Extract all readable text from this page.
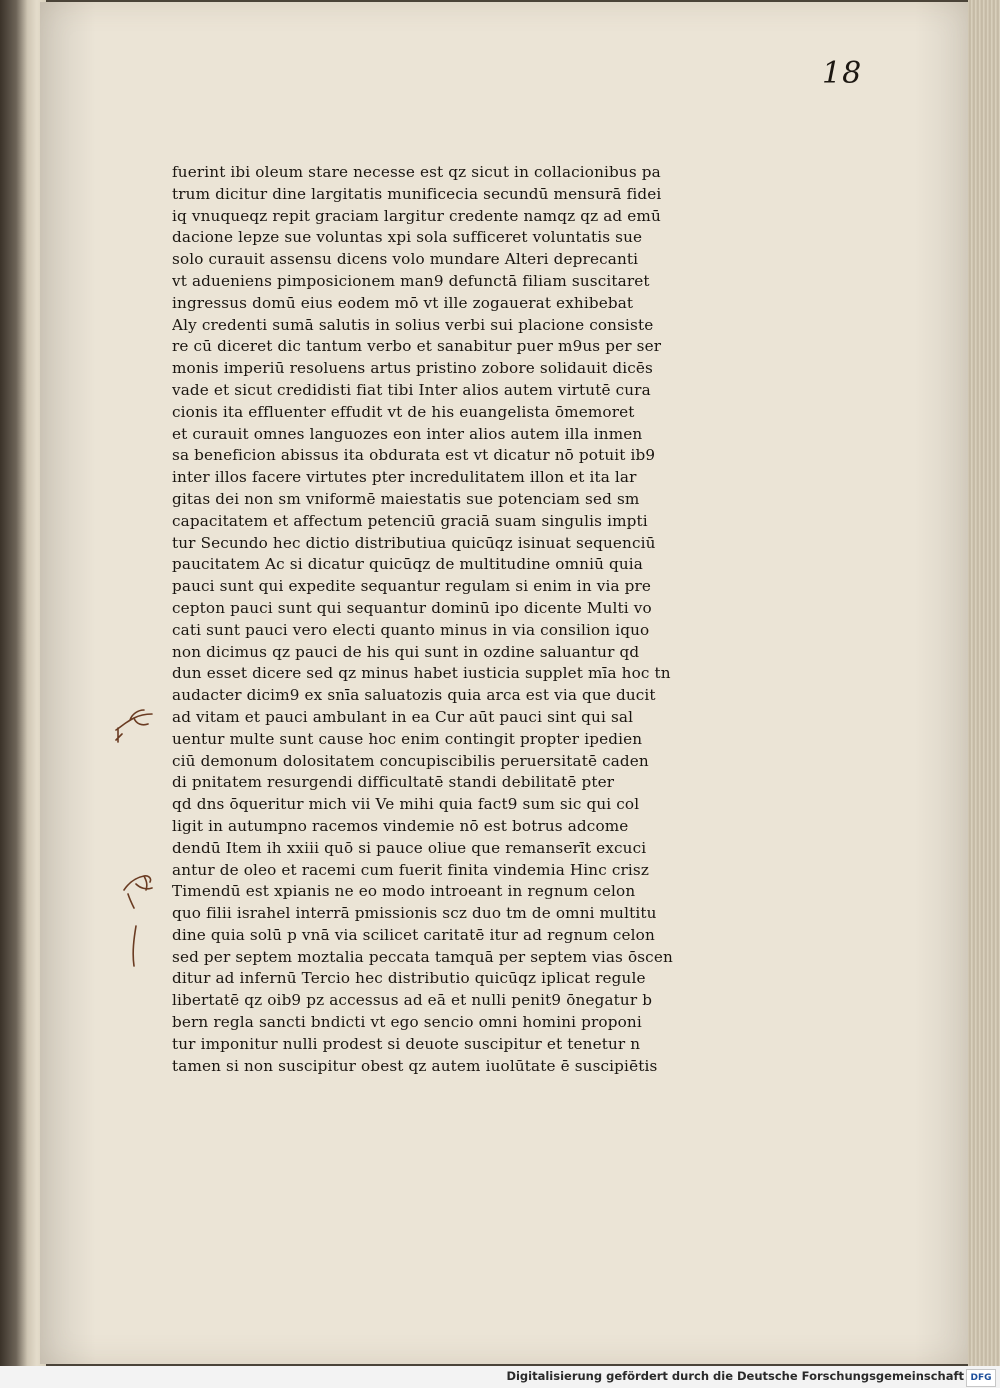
18
fuerint ibi oleum stare necesse est qz sicut in collacionibus pa
trum dicitur dine largitatis munificecia secundū mensurā fidei
iq vnuqueqz repit graciam largitur credente namqz qz ad emū
dacione lepze sue voluntas xpi sola sufficeret voluntatis sue
solo curauit assensu dicens volo mundare Alteri deprecanti
vt adueniens pimposicionem man9 defunctā filiam suscitaret
ingressus domū eius eodem mō vt ille zogauerat exhibebat
Aly credenti sumā salutis in solius verbi sui placione consiste
re cū diceret dic tantum verbo et sanabitur puer m9us per ser
monis imperiū resoluens artus pristino zobore solidauit dicēs
vade et sicut credidisti fiat tibi Inter alios autem virtutē cura
cionis ita effluenter effudit vt de his euangelista ōmemoret
et curauit omnes languozes eon inter alios autem illa inmen
sa beneficion abissus ita obdurata est vt dicatur nō potuit ib9
inter illos facere virtutes pter incredulitatem illon et ita lar
gitas dei non sm vniformē maiestatis sue potenciam sed sm
capacitatem et affectum petenciū graciā suam singulis impti
tur Secundo hec dictio distributiua quicūqz isinuat sequenciū
paucitatem Ac si dicatur quicūqz de multitudine omniū quia
pauci sunt qui expedite sequantur regulam si enim in via pre
cepton pauci sunt qui sequantur dominū ipo dicente Multi vo
cati sunt pauci vero electi quanto minus in via consilion iquo
non dicimus qz pauci de his qui sunt in ozdine saluantur qd
dun esset dicere sed qz minus habet iusticia supplet mīa hoc tn
audacter dicim9 ex snīa saluatozis quia arca est via que ducit
ad vitam et pauci ambulant in ea Cur aūt pauci sint qui sal
uentur multe sunt cause hoc enim contingit propter ipedien
ciū demonum dolositatem concupiscibilis peruersitatē caden
di pnitatem resurgendi difficultatē standi debilitatē pter
qd dns ōqueritur mich vii Ve mihi quia fact9 sum sic qui col
ligit in autumpno racemos vindemie nō est botrus adcome
dendū Item ih xxiii quō si pauce oliue que remanserīt excuci
antur de oleo et racemi cum fuerit finita vindemia Hinc crisz
Timendū est xpianis ne eo modo introeant in regnum celon
quo filii israhel interrā pmissionis scz duo tm de omni multitu
dine quia solū p vnā via scilicet caritatē itur ad regnum celon
sed per septem moztalia peccata tamquā per septem vias ōscen
ditur ad infernū Tercio hec distributio quicūqz iplicat regule
libertatē qz oib9 pz accessus ad eā et nulli penit9 ōnegatur b
bern regla sancti bndicti vt ego sencio omni homini proponi
tur imponitur nulli prodest si deuote suscipitur et tenetur n
tamen si non suscipitur obest qz autem iuolūtate ē suscipiētis
Digitalisierung gefördert durch die Deutsche Forschungsgemeinschaft DFG
